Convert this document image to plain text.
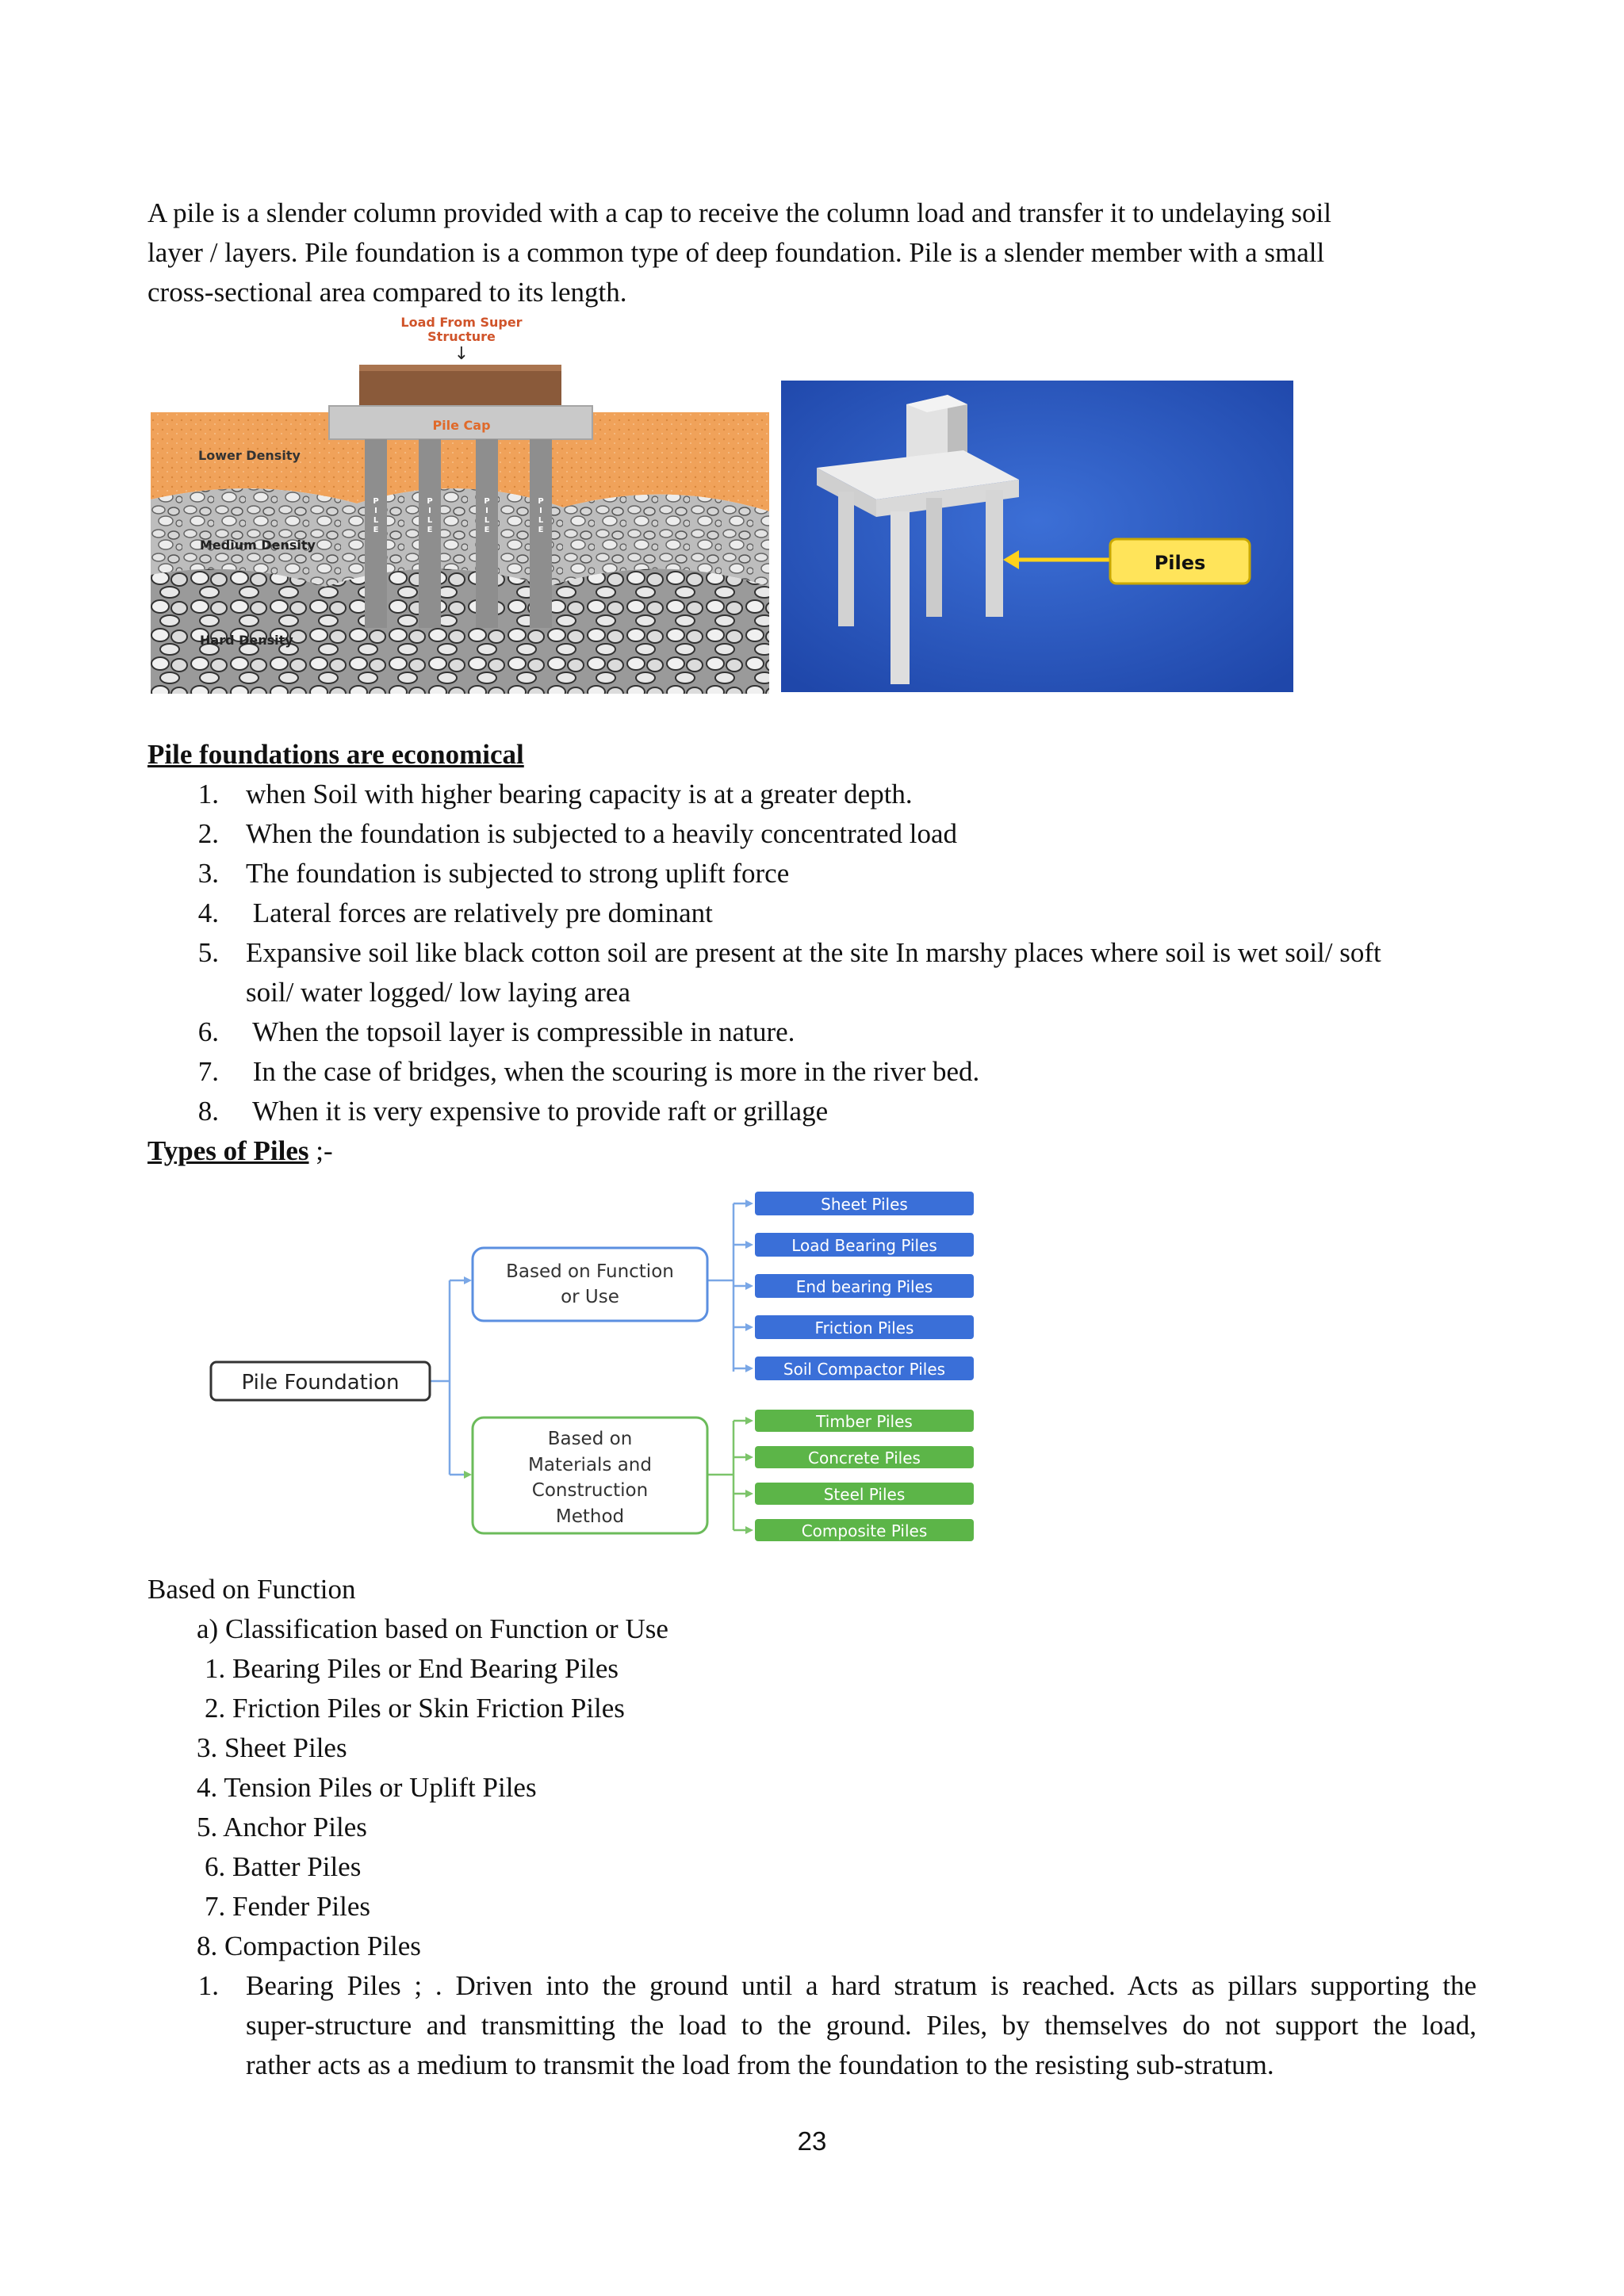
A pile is a slender column provided with a cap to receive the column load and transfer it to undelaying soil
layer / layers. Pile foundation is a common type of deep foundation. Pile is a slender member with a small
cross-sectional area compared to its length.
Pile Cap
P
I
L
E
P
I
L
E
P
I
L
E
P
I
L
E
Load From Super
Structure
↓
Lower Density
Medium Density
Hard Density
Piles
Pile foundations are economical
1. when Soil with higher bearing capacity is at a greater depth.
2. When the foundation is subjected to a heavily concentrated load
3. The foundation is subjected to strong uplift force
4. Lateral forces are relatively pre dominant
5. Expansive soil like black cotton soil are present at the site In marshy places where soil is wet soil/ soft
soil/ water logged/ low laying area
6. When the topsoil layer is compressible in nature.
7. In the case of bridges, when the scouring is more in the river bed.
8. When it is very expensive to provide raft or grillage
Types of Piles ;-
Pile Foundation
Based on Function
or Use
Based on
Materials and
Construction
Method
Sheet Piles
Load Bearing Piles
End bearing Piles
Friction Piles
Soil Compactor Piles
Timber Piles
Concrete Piles
Steel Piles
Composite Piles
Based on Function
a) Classification based on Function or Use
1. Bearing Piles or End Bearing Piles
2. Friction Piles or Skin Friction Piles
3. Sheet Piles
4. Tension Piles or Uplift Piles
5. Anchor Piles
6. Batter Piles
7. Fender Piles
8. Compaction Piles
1. Bearing Piles ; . Driven into the ground until a hard stratum is reached. Acts as pillars supporting the
super-structure and transmitting the load to the ground. Piles, by themselves do not support the load,
rather acts as a medium to transmit the load from the foundation to the resisting sub-stratum.
23
